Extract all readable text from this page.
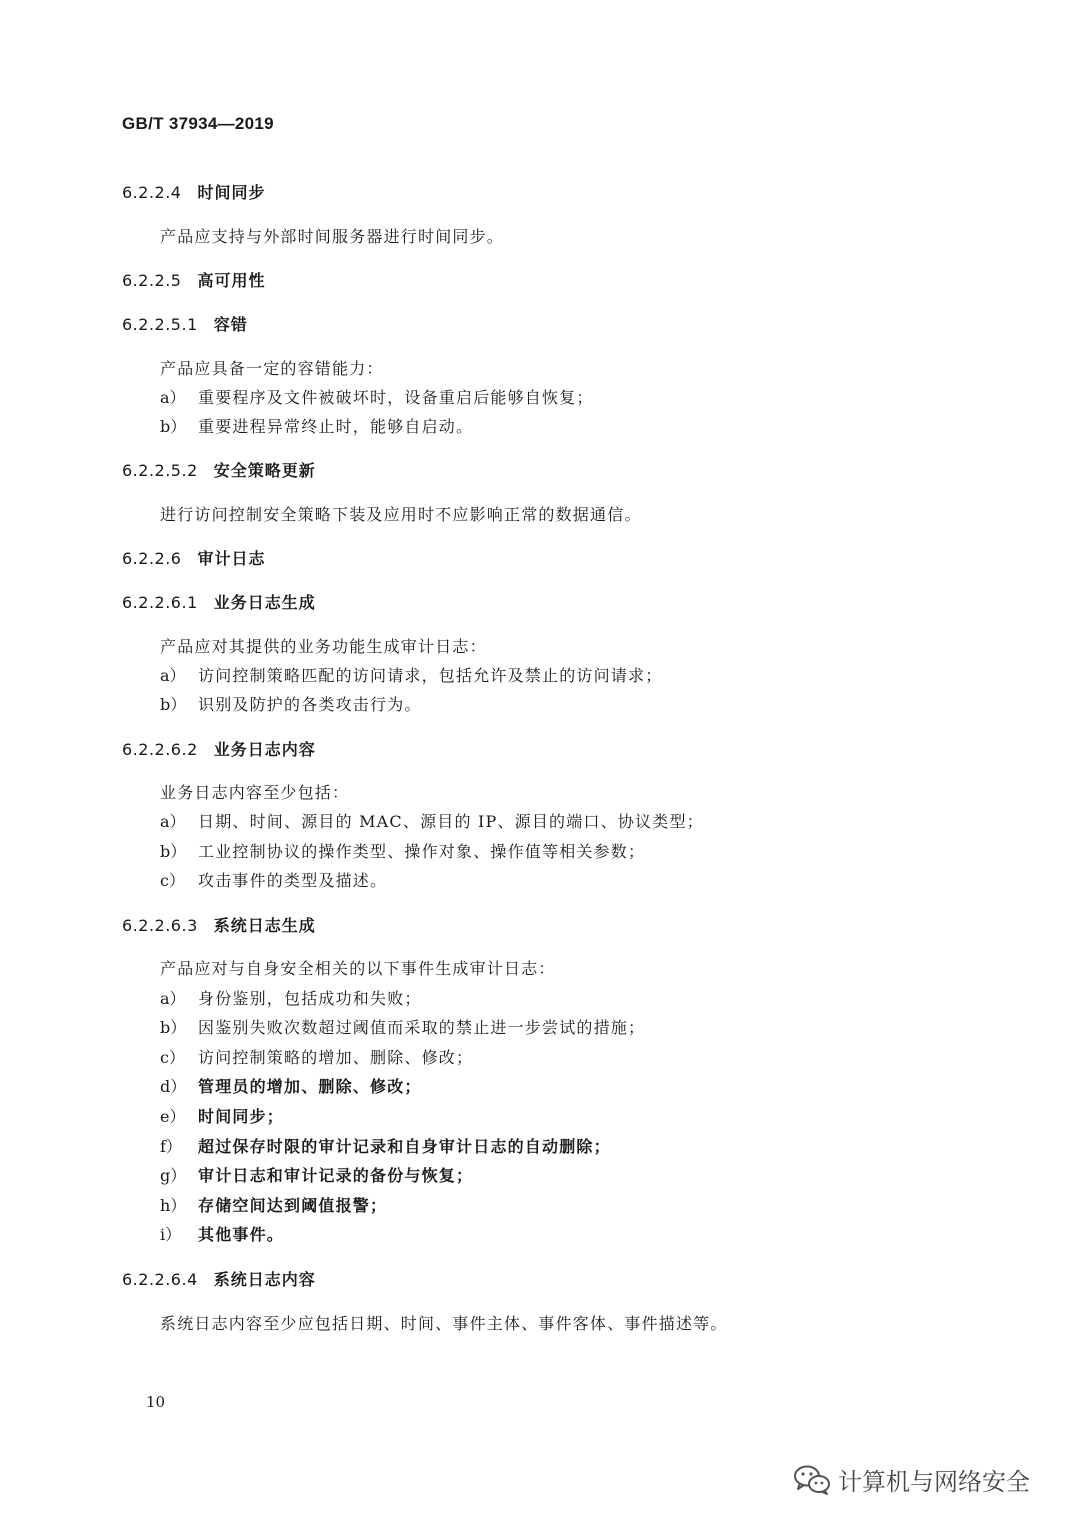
GB/T 37934—2019
6.2.2.4 时间同步
产品应支持与外部时间服务器进行时间同步。
6.2.2.5 高可用性
6.2.2.5.1 容错
产品应具备一定的容错能力：
a） 重要程序及文件被破坏时，设备重启后能够自恢复；
b） 重要进程异常终止时，能够自启动。
6.2.2.5.2 安全策略更新
进行访问控制安全策略下装及应用时不应影响正常的数据通信。
6.2.2.6 审计日志
6.2.2.6.1 业务日志生成
产品应对其提供的业务功能生成审计日志：
a） 访问控制策略匹配的访问请求，包括允许及禁止的访问请求；
b） 识别及防护的各类攻击行为。
6.2.2.6.2 业务日志内容
业务日志内容至少包括：
a） 日期、时间、源目的 MAC、源目的 IP、源目的端口、协议类型；
b） 工业控制协议的操作类型、操作对象、操作值等相关参数；
c） 攻击事件的类型及描述。
6.2.2.6.3 系统日志生成
产品应对与自身安全相关的以下事件生成审计日志：
a） 身份鉴别，包括成功和失败；
b） 因鉴别失败次数超过阈值而采取的禁止进一步尝试的措施；
c） 访问控制策略的增加、删除、修改；
d） 管理员的增加、删除、修改；
e） 时间同步；
f） 超过保存时限的审计记录和自身审计日志的自动删除；
g） 审计日志和审计记录的备份与恢复；
h） 存储空间达到阈值报警；
i） 其他事件。
6.2.2.6.4 系统日志内容
系统日志内容至少应包括日期、时间、事件主体、事件客体、事件描述等。
10
计算机与网络安全
